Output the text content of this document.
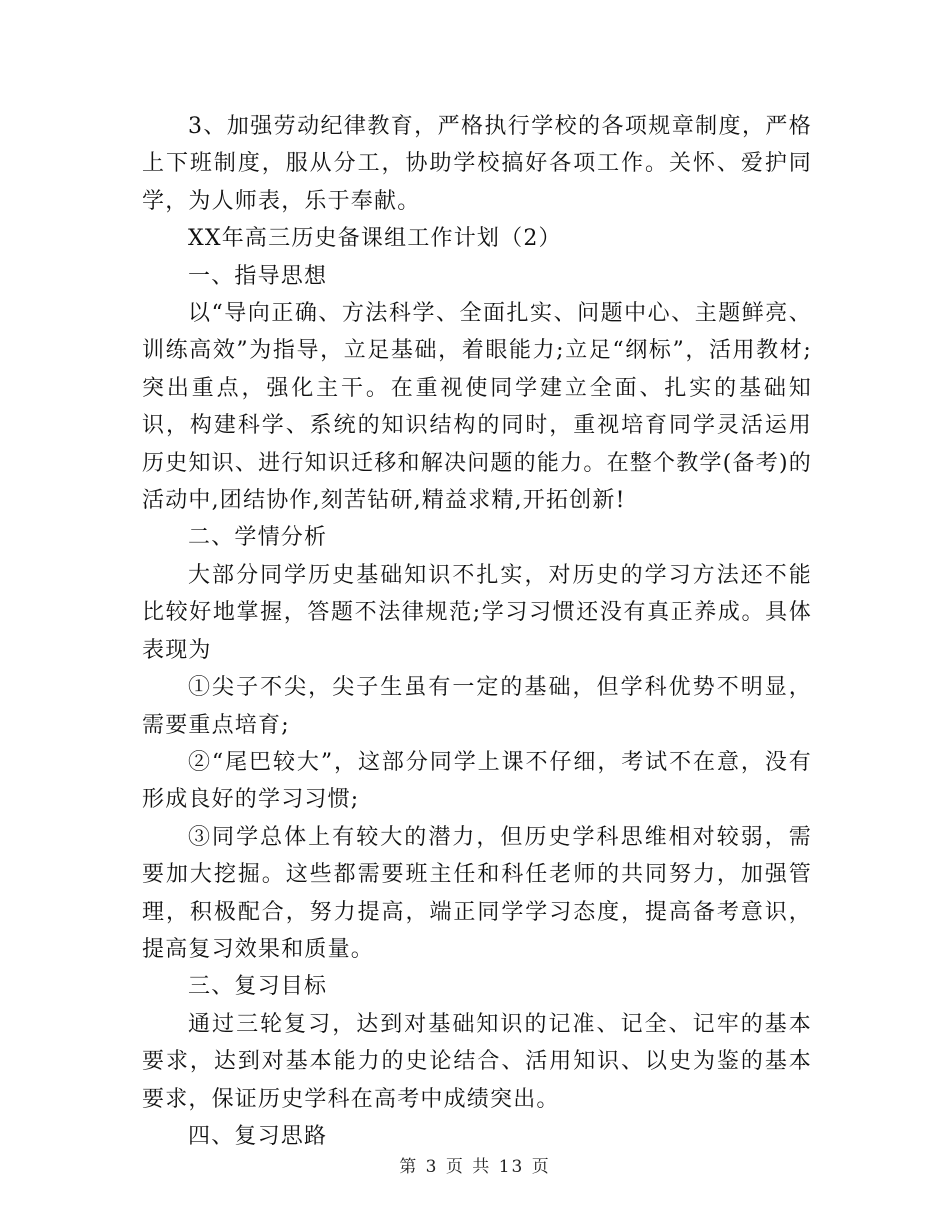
3、加强劳动纪律教育，严格执行学校的各项规章制度，严格上下班制度，服从分工，协助学校搞好各项工作。关怀、爱护同学，为人师表，乐于奉献。

XX年高三历史备课组工作计划（2）

一、指导思想

以“导向正确、方法科学、全面扎实、问题中心、主题鲜亮、训练高效”为指导，立足基础，着眼能力;立足“纲标”，活用教材;突出重点，强化主干。在重视使同学建立全面、扎实的基础知识，构建科学、系统的知识结构的同时，重视培育同学灵活运用历史知识、进行知识迁移和解决问题的能力。在整个教学(备考)的活动中,团结协作,刻苦钻研,精益求精,开拓创新!

二、学情分析

大部分同学历史基础知识不扎实，对历史的学习方法还不能比较好地掌握，答题不法律规范;学习习惯还没有真正养成。具体表现为

①尖子不尖，尖子生虽有一定的基础，但学科优势不明显，需要重点培育;

②“尾巴较大”，这部分同学上课不仔细，考试不在意，没有形成良好的学习习惯;

③同学总体上有较大的潜力，但历史学科思维相对较弱，需要加大挖掘。这些都需要班主任和科任老师的共同努力，加强管理，积极配合，努力提高，端正同学学习态度，提高备考意识，提高复习效果和质量。

三、复习目标

通过三轮复习，达到对基础知识的记准、记全、记牢的基本要求，达到对基本能力的史论结合、活用知识、以史为鉴的基本要求，保证历史学科在高考中成绩突出。

四、复习思路

第 3 页 共 13 页
